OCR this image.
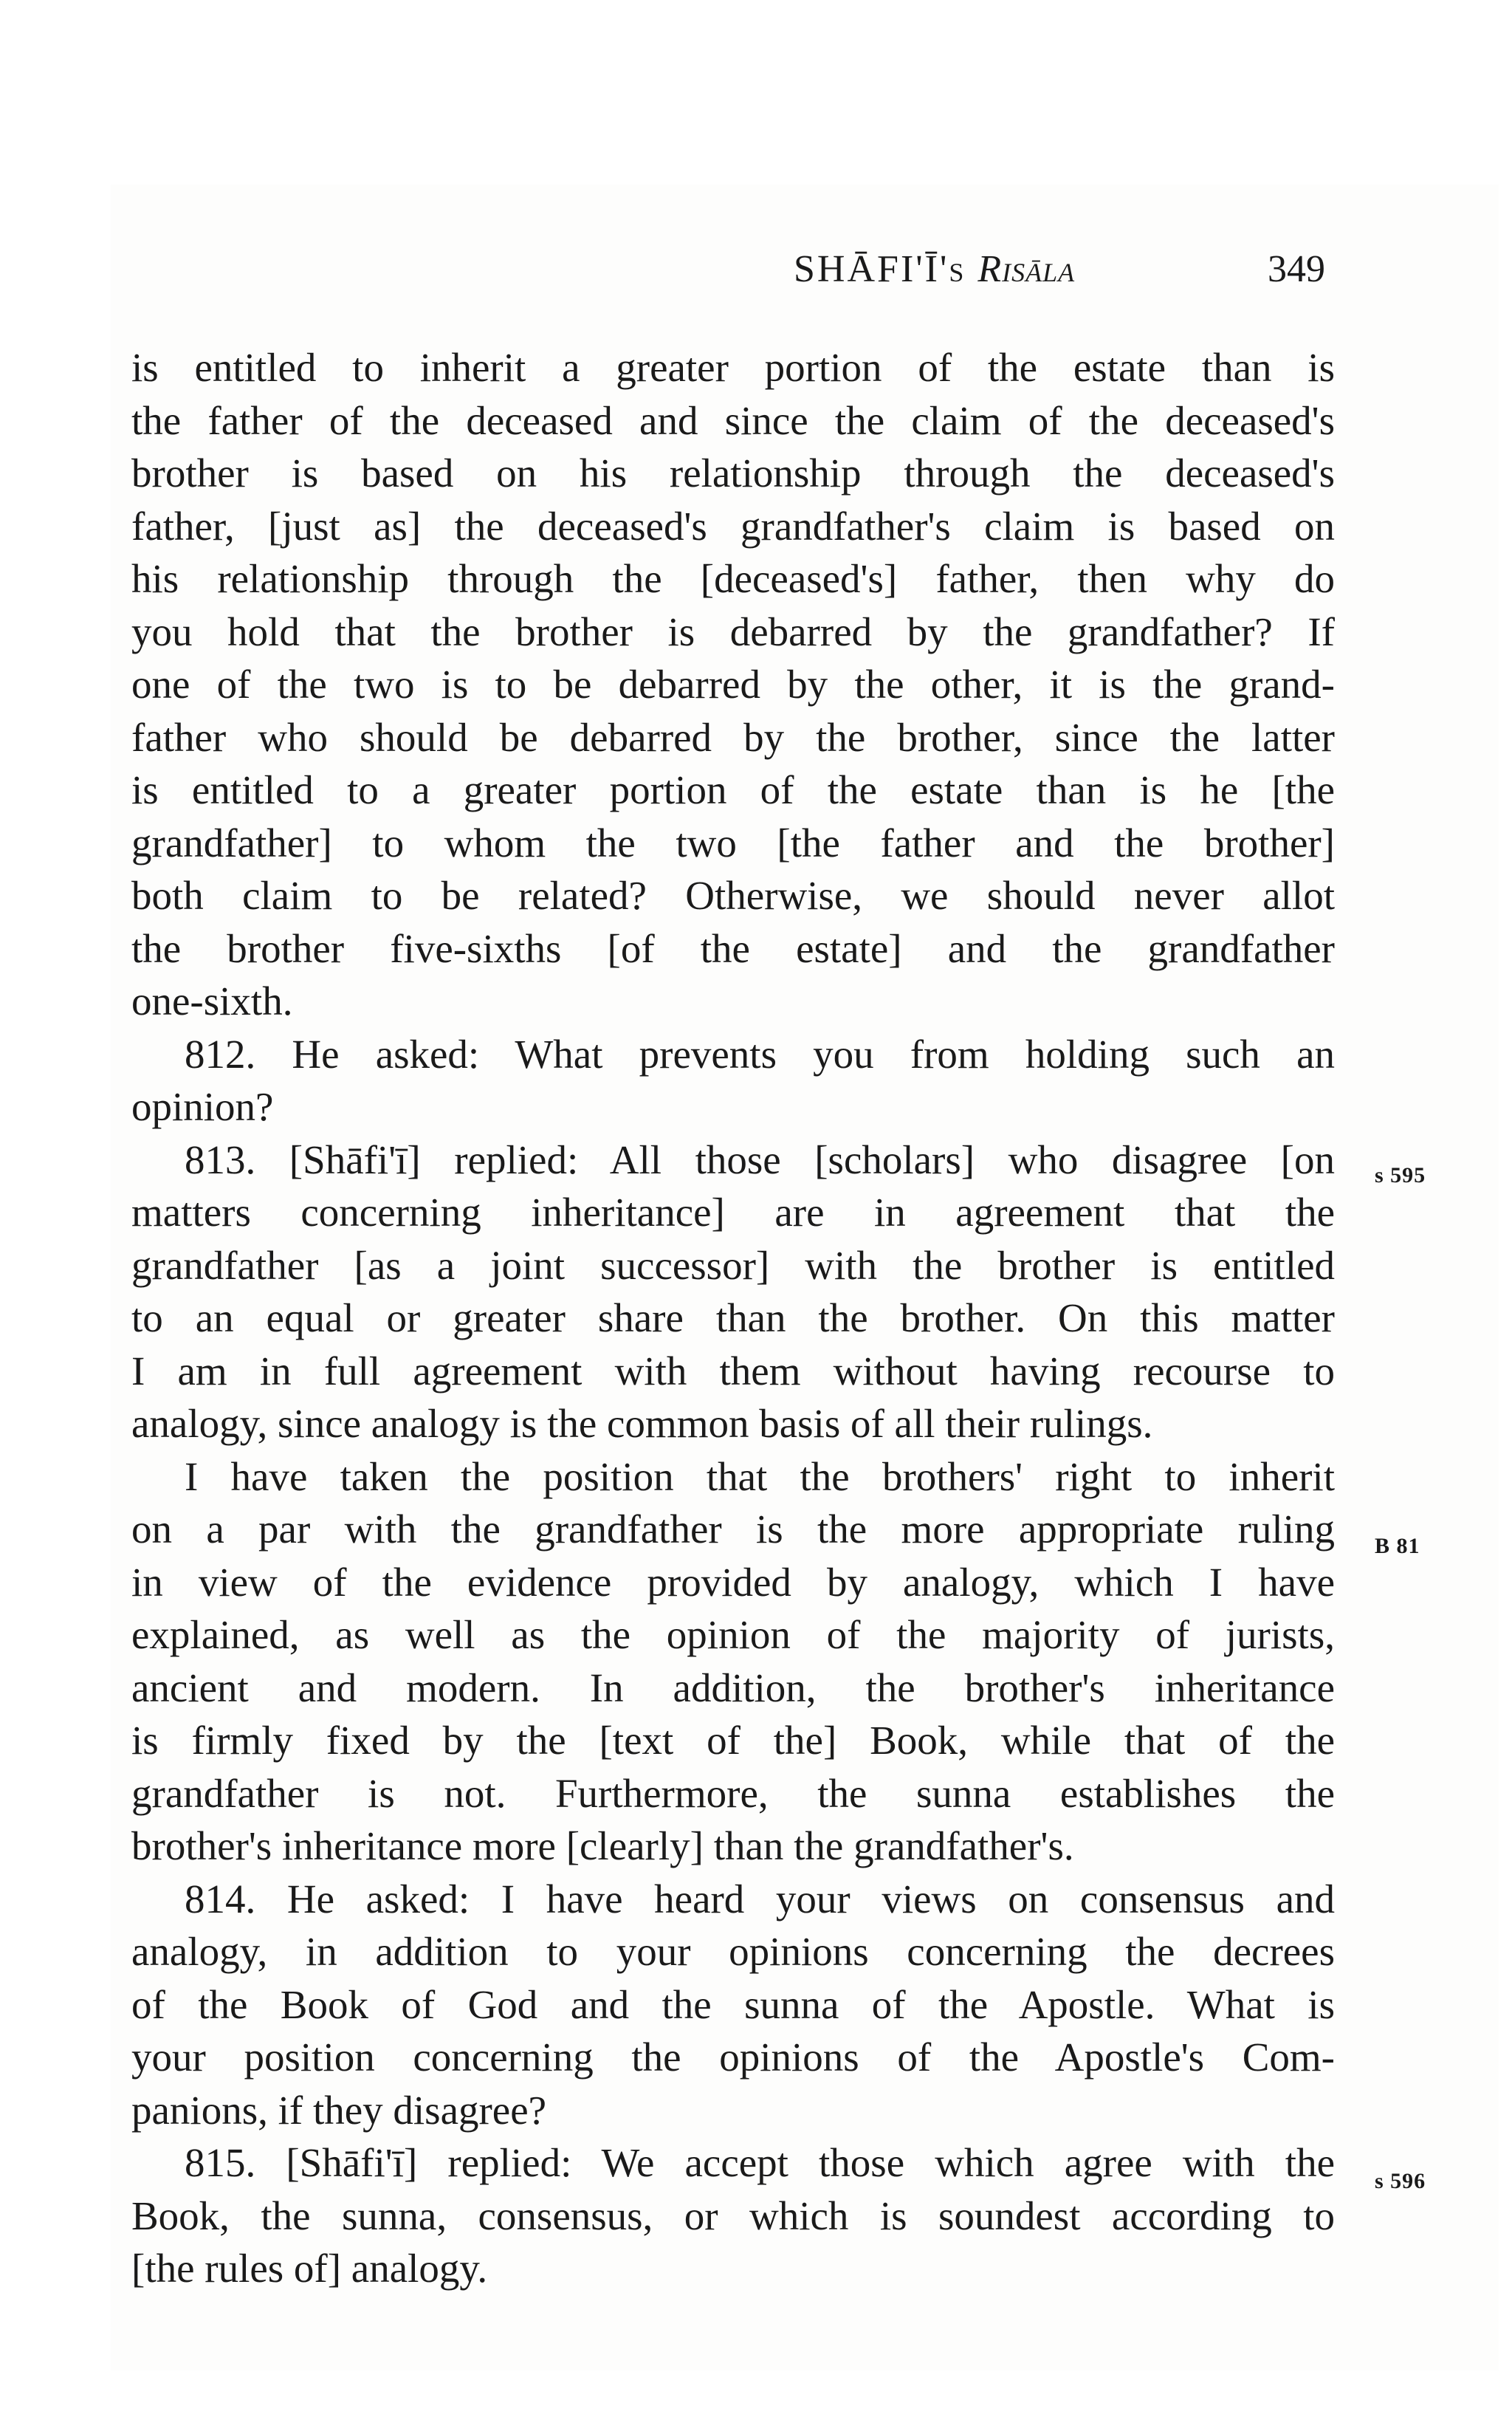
SHĀFI'Ī's Risāla	349
is entitled to inherit a greater portion of the estate than is
the father of the deceased and since the claim of the deceased's
brother is based on his relationship through the deceased's
father, [just as] the deceased's grandfather's claim is based on
his relationship through the [deceased's] father, then why do
you hold that the brother is debarred by the grandfather? If
one of the two is to be debarred by the other, it is the grand-
father who should be debarred by the brother, since the latter
is entitled to a greater portion of the estate than is he [the
grandfather] to whom the two [the father and the brother]
both claim to be related? Otherwise, we should never allot
the brother five-sixths [of the estate] and the grandfather
one-sixth.
812. He asked: What prevents you from holding such an
opinion?
813. [Shāfi'ī] replied: All those [scholars] who disagree [on
matters concerning inheritance] are in agreement that the
grandfather [as a joint successor] with the brother is entitled
to an equal or greater share than the brother. On this matter
I am in full agreement with them without having recourse to
analogy, since analogy is the common basis of all their rulings.
I have taken the position that the brothers' right to inherit
on a par with the grandfather is the more appropriate ruling
in view of the evidence provided by analogy, which I have
explained, as well as the opinion of the majority of jurists,
ancient and modern. In addition, the brother's inheritance
is firmly fixed by the [text of the] Book, while that of the
grandfather is not. Furthermore, the sunna establishes the
brother's inheritance more [clearly] than the grandfather's.
814. He asked: I have heard your views on consensus and
analogy, in addition to your opinions concerning the decrees
of the Book of God and the sunna of the Apostle. What is
your position concerning the opinions of the Apostle's Com-
panions, if they disagree?
815. [Shāfi'ī] replied: We accept those which agree with the
Book, the sunna, consensus, or which is soundest according to
[the rules of] analogy.
s 595
B 81
s 596
